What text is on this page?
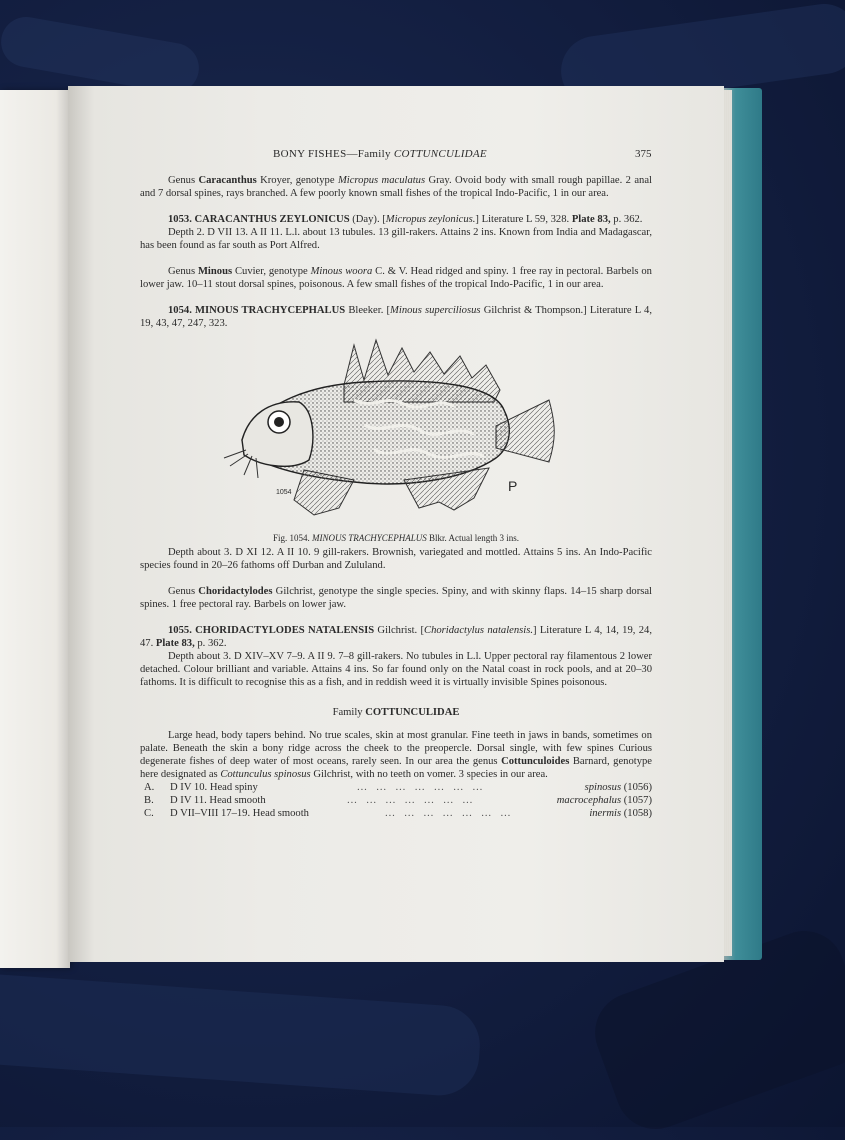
BONY FISHES—Family COTTUNCULIDAE	375

Genus Caracanthus Kroyer, genotype Micropus maculatus Gray. Ovoid body with small rough papillae. 2 anal and 7 dorsal spines, rays branched. A few poorly known small fishes of the tropical Indo-Pacific, 1 in our area.

1053. CARACANTHUS ZEYLONICUS (Day). [Micropus zeylonicus.] Literature L 59, 328. Plate 83, p. 362.

Depth 2. D VII 13. A II 11. L.l. about 13 tubules. 13 gill-rakers. Attains 2 ins. Known from India and Madagascar, has been found as far south as Port Alfred.

Genus Minous Cuvier, genotype Minous woora C. & V. Head ridged and spiny. 1 free ray in pectoral. Barbels on lower jaw. 10–11 stout dorsal spines, poisonous. A few small fishes of the tropical Indo-Pacific, 1 in our area.

1054. MINOUS TRACHYCEPHALUS Bleeker. [Minous superciliosus Gilchrist & Thompson.] Literature L 4, 19, 43, 47, 247, 323.

1054	P
Fig. 1054. MINOUS TRACHYCEPHALUS Blkr. Actual length 3 ins.

Depth about 3. D XI 12. A II 10. 9 gill-rakers. Brownish, variegated and mottled. Attains 5 ins. An Indo-Pacific species found in 20–26 fathoms off Durban and Zululand.

Genus Choridactylodes Gilchrist, genotype the single species. Spiny, and with skinny flaps. 14–15 sharp dorsal spines. 1 free pectoral ray. Barbels on lower jaw.

1055. CHORIDACTYLODES NATALENSIS Gilchrist. [Choridactylus natalensis.] Literature L 4, 14, 19, 24, 47. Plate 83, p. 362.

Depth about 3. D XIV–XV 7–9. A II 9. 7–8 gill-rakers. No tubules in L.l. Upper pectoral ray filamentous 2 lower detached. Colour brilliant and variable. Attains 4 ins. So far found only on the Natal coast in rock pools, and at 20–30 fathoms. It is difficult to recognise this as a fish, and in reddish weed it is virtually invisible Spines poisonous.

Family COTTUNCULIDAE

Large head, body tapers behind. No true scales, skin at most granular. Fine teeth in jaws in bands, sometimes on palate. Beneath the skin a bony ridge across the cheek to the preopercle. Dorsal single, with few spines Curious degenerate fishes of deep water of most oceans, rarely seen. In our area the genus Cottunculoides Barnard, genotype here designated as Cottunculus spinosus Gilchrist, with no teeth on vomer. 3 species in our area.

A. D IV 10. Head spiny	… … … … … … …	spinosus (1056)
B. D IV 11. Head smooth	… … … … … … …	macrocephalus (1057)
C. D VII–VIII 17–19. Head smooth	… … … … … … …	inermis (1058)
